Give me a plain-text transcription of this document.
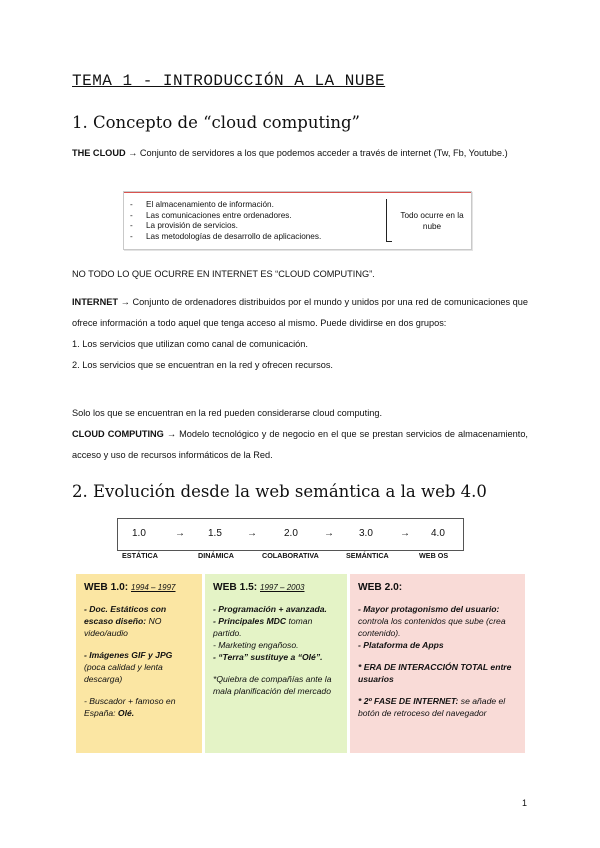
TEMA 1 - INTRODUCCIÓN A LA NUBE
1. Concepto de “cloud computing”
THE CLOUD → Conjunto de servidores a los que podemos acceder a través de internet (Tw, Fb, Youtube.)
- El almacenamiento de información.
- Las comunicaciones entre ordenadores.
- La provisión de servicios.
- Las metodologías de desarrollo de aplicaciones.
Todo ocurre en la nube
NO TODO LO QUE OCURRE EN INTERNET ES “CLOUD COMPUTING”.
INTERNET → Conjunto de ordenadores distribuidos por el mundo y unidos por una red de comunicaciones que ofrece información a todo aquel que tenga acceso al mismo. Puede dividirse en dos grupos:
1. Los servicios que utilizan como canal de comunicación.
2. Los servicios que se encuentran en la red y ofrecen recursos.
Solo los que se encuentran en la red pueden considerarse cloud computing.
CLOUD COMPUTING → Modelo tecnológico y de negocio en el que se prestan servicios de almacenamiento, acceso y uso de recursos informáticos de la Red.
2. Evolución desde la web semántica a la web 4.0
1.0	→ 1.5	→	2.0	→	3.0	→ 4.0
ESTÁTICA	DINÁMICA	COLABORATIVA	SEMÁNTICA	WEB OS
WEB 1.0: 1994 – 1997
- Doc. Estáticos con escaso diseño: NO video/audio
- Imágenes GIF y JPG (poca calidad y lenta descarga)
- Buscador + famoso en España: Olé.
WEB 1.5: 1997 – 2003
- Programación + avanzada.
- Principales MDC toman partido.
- Marketing engañoso.
- “Terra” sustituye a “Olé”.
*Quiebra de compañías ante la mala planificación del mercado
WEB 2.0:
- Mayor protagonismo del usuario: controla los contenidos que sube (crea contenido).
- Plataforma de Apps
* ERA DE INTERACCIÓN TOTAL entre usuarios
* 2º FASE DE INTERNET: se añade el botón de retroceso del navegador
1
